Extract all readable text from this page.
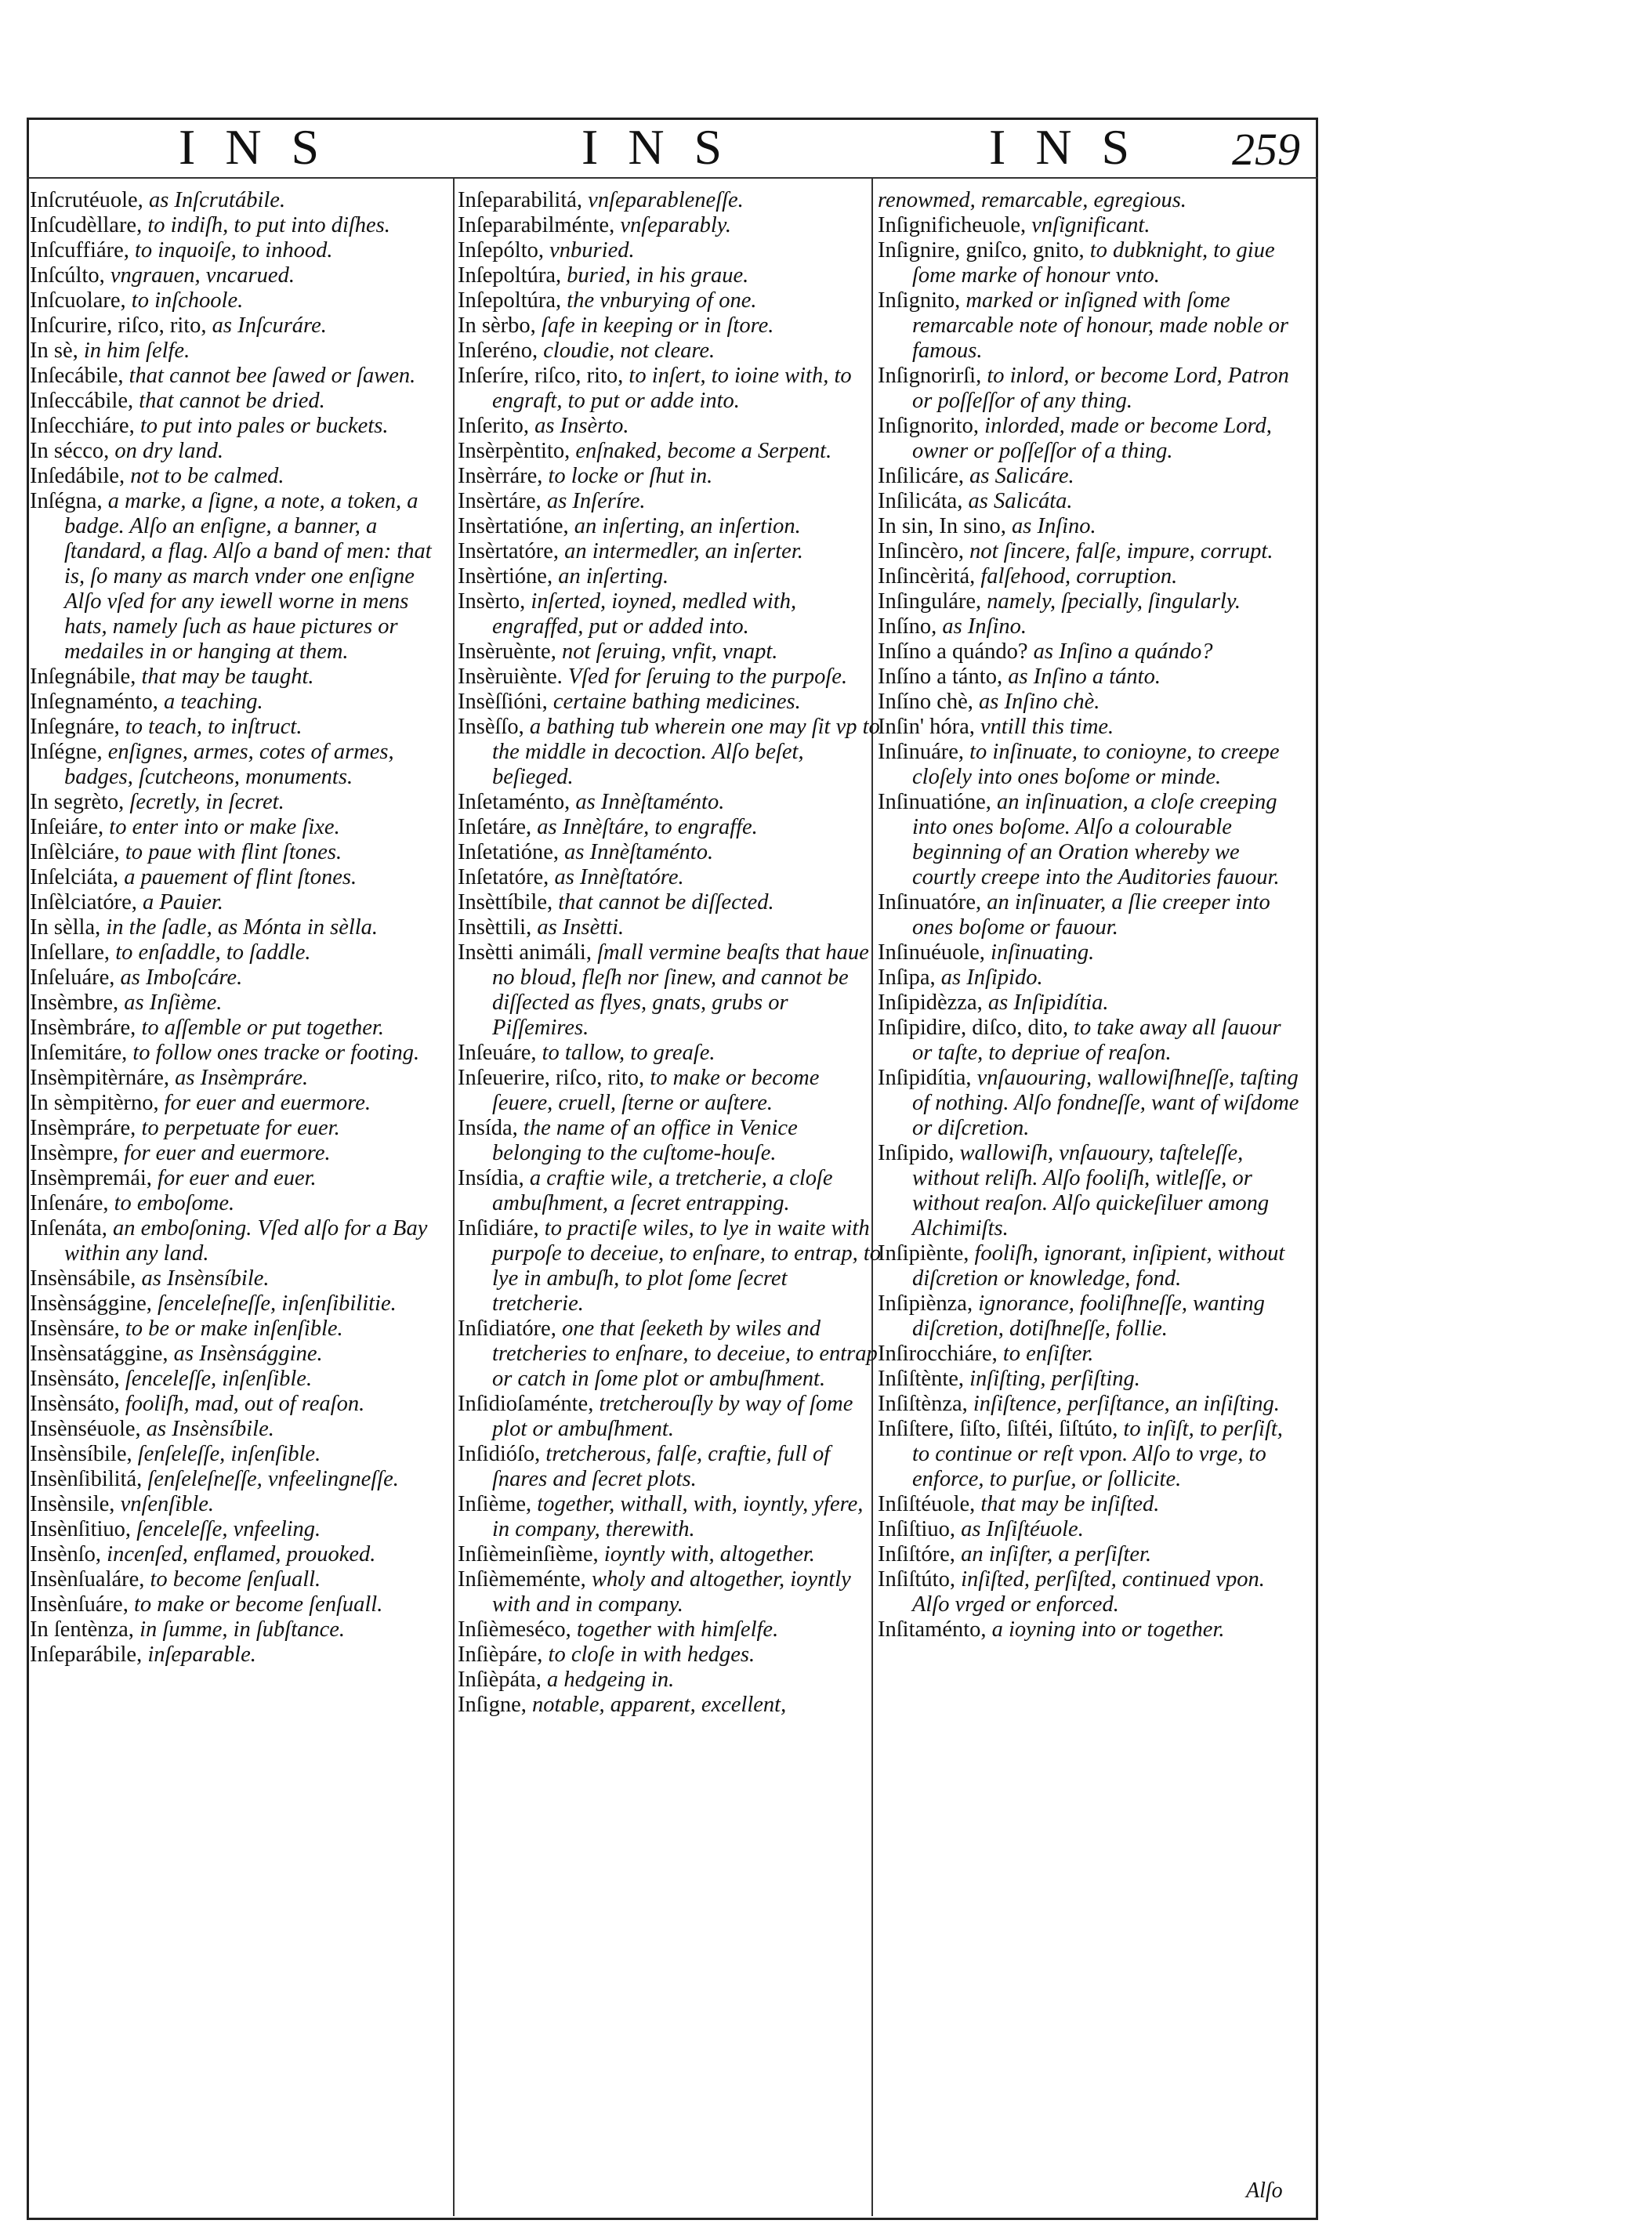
INS	INS	INS 259

Inſcrutéuole, as Inſcrutábile.

Inſcudèllare, to indiſh, to put into diſhes.

Inſcuffiáre, to inquoiſe, to inhood.

Inſcúlto, vngrauen, vncarued.

Inſcuolare, to inſchoole.

Inſcurire, riſco, rito, as Inſcuráre.

In sè, in him ſelfe.

Inſecábile, that cannot bee ſawed or ſawen.

Inſeccábile, that cannot be dried.

Inſecchiáre, to put into pales or buckets.

In sécco, on dry land.

Inſedábile, not to be calmed.

Inſégna, a marke, a ſigne, a note, a token, a badge. Alſo an enſigne, a banner, a ſtandard, a flag. Alſo a band of men: that is, ſo many as march vnder one enſigne Alſo vſed for any iewell worne in mens hats, namely ſuch as haue pictures or medailes in or hanging at them.

Inſegnábile, that may be taught.

Inſegnaménto, a teaching.

Inſegnáre, to teach, to inſtruct.

Inſégne, enſignes, armes, cotes of armes, badges, ſcutcheons, monuments.

In segrèto, ſecretly, in ſecret.

Inſeiáre, to enter into or make ſixe.

Inſèlciáre, to paue with flint ſtones.

Inſelciáta, a pauement of flint ſtones.

Inſèlciatóre, a Pauier.

In sèlla, in the ſadle, as Mónta in sèlla.

Inſellare, to enſaddle, to ſaddle.

Inſeluáre, as Imboſcáre.

Insèmbre, as Inſième.

Insèmbráre, to aſſemble or put together.

Inſemitáre, to follow ones tracke or footing.

Insèmpitèrnáre, as Insèmpráre.

In sèmpitèrno, for euer and euermore.

Insèmpráre, to perpetuate for euer.

Insèmpre, for euer and euermore.

Insèmpremái, for euer and euer.

Inſenáre, to emboſome.

Inſenáta, an emboſoning. Vſed alſo for a Bay within any land.

Insènsábile, as Insènsíbile.

Insènsággine, ſenceleſneſſe, inſenſibilitie.

Insènsáre, to be or make inſenſible.

Insènsatággine, as Insènsággine.

Insènsáto, ſenceleſſe, inſenſible.

Insènsáto, fooliſh, mad, out of reaſon.

Insènséuole, as Insènsíbile.

Insènsíbile, ſenſeleſſe, inſenſible.

Insènſibilitá, ſenſeleſneſſe, vnfeelingneſſe.

Insènsile, vnſenſible.

Insènſitiuo, ſenceleſſe, vnfeeling.

Insènſo, incenſed, enflamed, prouoked.

Insènſualáre, to become ſenſuall.

Insènſuáre, to make or become ſenſuall.

In ſentènza, in ſumme, in ſubſtance.

Inſeparábile, inſeparable.

Inſeparabilitá, vnſeparableneſſe.

Inſeparabilménte, vnſeparably.

Inſepólto, vnburied.

Inſepoltúra, buried, in his graue.

Inſepoltúra, the vnburying of one.

In sèrbo, ſafe in keeping or in ſtore.

Inſeréno, cloudie, not cleare.

Inſeríre, riſco, rito, to inſert, to ioine with, to engraft, to put or adde into.

Inſerito, as Insèrto.

Insèrpèntito, enſnaked, become a Serpent.

Insèrráre, to locke or ſhut in.

Insèrtáre, as Inſeríre.

Insèrtatióne, an inſerting, an inſertion.

Insèrtatóre, an intermedler, an inſerter.

Insèrtióne, an inſerting.

Insèrto, inſerted, ioyned, medled with, engraffed, put or added into.

Insèruènte, not ſeruing, vnfit, vnapt.

Insèruiènte. Vſed for ſeruing to the purpoſe.

Insèſſióni, certaine bathing medicines.

Insèſſo, a bathing tub wherein one may ſit vp to the middle in decoction. Alſo beſet, beſieged.

Inſetaménto, as Innèſtaménto.

Inſetáre, as Innèſtáre, to engraffe.

Inſetatióne, as Innèſtaménto.

Inſetatóre, as Innèſtatóre.

Insèttíbile, that cannot be diſſected.

Insèttili, as Insètti.

Insètti animáli, ſmall vermine beaſts that haue no bloud, fleſh nor ſinew, and cannot be diſſected as flyes, gnats, grubs or Piſſemires.

Inſeuáre, to tallow, to greaſe.

Inſeuerire, riſco, rito, to make or become ſeuere, cruell, ſterne or auſtere.

Insída, the name of an office in Venice belonging to the cuſtome-houſe.

Insídia, a craftie wile, a tretcherie, a cloſe ambuſhment, a ſecret entrapping.

Inſidiáre, to practiſe wiles, to lye in waite with purpoſe to deceiue, to enſnare, to entrap, to lye in ambuſh, to plot ſome ſecret tretcherie.

Inſidiatóre, one that ſeeketh by wiles and tretcheries to enſnare, to deceiue, to entrap or catch in ſome plot or ambuſhment.

Inſidioſaménte, tretcherouſly by way of ſome plot or ambuſhment.

Inſidióſo, tretcherous, falſe, craftie, full of ſnares and ſecret plots.

Inſième, together, withall, with, ioyntly, yfere, in company, therewith.

Inſièmeinſième, ioyntly with, altogether.

Inſièmeménte, wholy and altogether, ioyntly with and in company.

Inſièmeséco, together with himſelfe.

Inſièpáre, to cloſe in with hedges.

Inſièpáta, a hedgeing in.

Inſigne, notable, apparent, excellent,

renowmed, remarcable, egregious.

Inſignificheuole, vnſignificant.

Inſignire, gniſco, gnito, to dubknight, to giue ſome marke of honour vnto.

Inſignito, marked or inſigned with ſome remarcable note of honour, made noble or famous.

Inſignorirſi, to inlord, or become Lord, Patron or poſſeſſor of any thing.

Inſignorito, inlorded, made or become Lord, owner or poſſeſſor of a thing.

Inſilicáre, as Salicáre.

Inſilicáta, as Salicáta.

In sin, In sino, as Inſino.

Inſincèro, not ſincere, falſe, impure, corrupt.

Inſincèritá, falſehood, corruption.

Inſinguláre, namely, ſpecially, ſingularly.

Inſíno, as Inſino.

Inſíno a quándo? as Inſino a quándo?

Inſíno a tánto, as Inſino a tánto.

Inſíno chè, as Inſino chè.

Inſin' hóra, vntill this time.

Inſinuáre, to inſinuate, to conioyne, to creepe cloſely into ones boſome or minde.

Inſinuatióne, an inſinuation, a cloſe creeping into ones boſome. Alſo a colourable beginning of an Oration whereby we courtly creepe into the Auditories fauour.

Inſinuatóre, an inſinuater, a ſlie creeper into ones boſome or fauour.

Inſinuéuole, inſinuating.

Inſipa, as Inſipido.

Inſipidèzza, as Inſipidítia.

Inſipidire, diſco, dito, to take away all ſauour or taſte, to depriue of reaſon.

Inſipidítia, vnſauouring, wallowiſhneſſe, taſting of nothing. Alſo fondneſſe, want of wiſdome or diſcretion.

Inſipido, wallowiſh, vnſauoury, taſteleſſe, without reliſh. Alſo fooliſh, witleſſe, or without reaſon. Alſo quickeſiluer among Alchimiſts.

Inſipiènte, fooliſh, ignorant, inſipient, without diſcretion or knowledge, fond.

Inſipiènza, ignorance, fooliſhneſſe, wanting diſcretion, dotiſhneſſe, follie.

Inſirocchiáre, to enſiſter.

Inſiſtènte, inſiſting, perſiſting.

Inſiſtènza, inſiſtence, perſiſtance, an inſiſting.

Inſiſtere, ſiſto, ſiſtéi, ſiſtúto, to inſiſt, to perſiſt, to continue or reſt vpon. Alſo to vrge, to enforce, to purſue, or ſollicite.

Inſiſtéuole, that may be inſiſted.

Inſiſtiuo, as Inſiſtéuole.

Inſiſtóre, an inſiſter, a perſiſter.

Inſiſtúto, inſiſted, perſiſted, continued vpon. Alſo vrged or enforced.

Inſitaménto, a ioyning into or together.

Alſo
